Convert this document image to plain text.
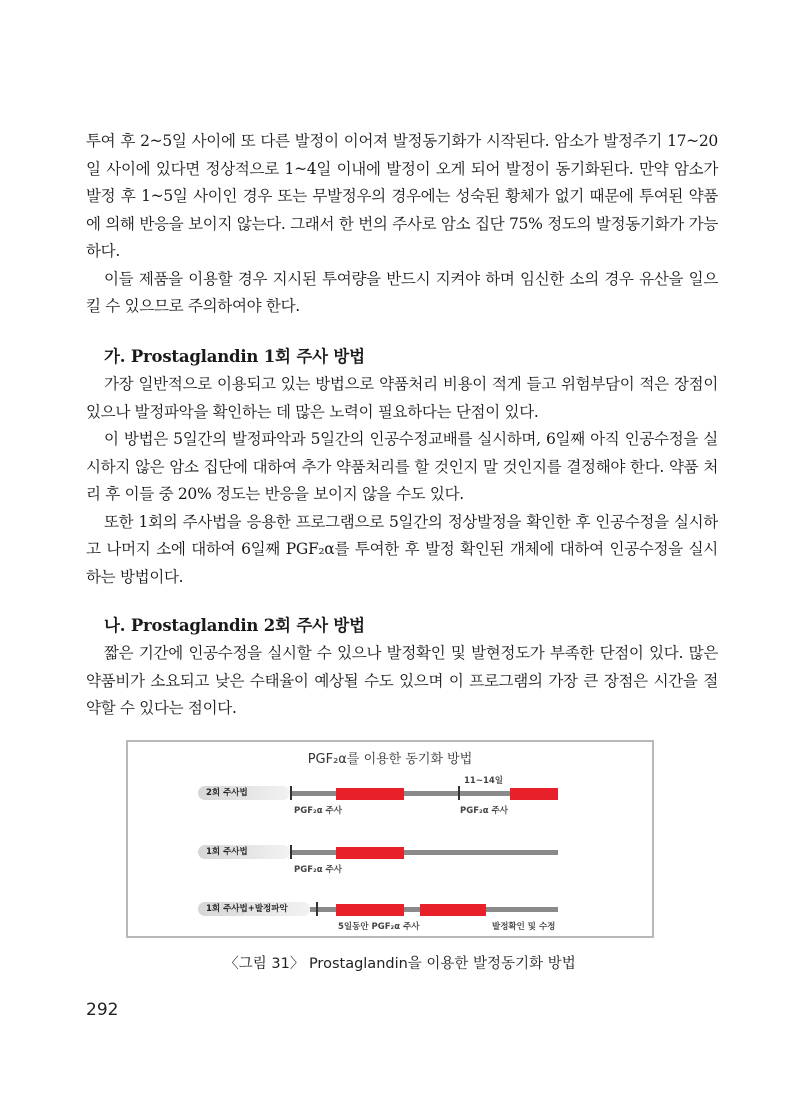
투여 후 2~5일 사이에 또 다른 발정이 이어져 발정동기화가 시작된다. 암소가 발정주기 17~20일 사이에 있다면 정상적으로 1~4일 이내에 발정이 오게 되어 발정이 동기화된다. 만약 암소가 발정 후 1~5일 사이인 경우 또는 무발정우의 경우에는 성숙된 황체가 없기 때문에 투여된 약품에 의해 반응을 보이지 않는다. 그래서 한 번의 주사로 암소 집단 75% 정도의 발정동기화가 가능하다.

이들 제품을 이용할 경우 지시된 투여량을 반드시 지켜야 하며 임신한 소의 경우 유산을 일으킬 수 있으므로 주의하여야 한다.

가. Prostaglandin 1회 주사 방법

가장 일반적으로 이용되고 있는 방법으로 약품처리 비용이 적게 들고 위험부담이 적은 장점이 있으나 발정파악을 확인하는 데 많은 노력이 필요하다는 단점이 있다.

이 방법은 5일간의 발정파악과 5일간의 인공수정교배를 실시하며, 6일째 아직 인공수정을 실시하지 않은 암소 집단에 대하여 추가 약품처리를 할 것인지 말 것인지를 결정해야 한다. 약품 처리 후 이들 중 20% 정도는 반응을 보이지 않을 수도 있다.

또한 1회의 주사법을 응용한 프로그램으로 5일간의 정상발정을 확인한 후 인공수정을 실시하고 나머지 소에 대하여 6일째 PGF₂α를 투여한 후 발정 확인된 개체에 대하여 인공수정을 실시하는 방법이다.

나. Prostaglandin 2회 주사 방법

짧은 기간에 인공수정을 실시할 수 있으나 발정확인 및 발현정도가 부족한 단점이 있다. 많은 약품비가 소요되고 낮은 수태율이 예상될 수도 있으며 이 프로그램의 가장 큰 장점은 시간을 절약할 수 있다는 점이다.

PGF₂α를 이용한 동기화 방법
11~14일
2회 주사법
PGF₂α 주사	PGF₂α 주사
1회 주사법
PGF₂α 주사
1회 주사법+발정파악
5일동안 PGF₂α 주사	발정확인 및 수정
〈그림 31〉 Prostaglandin을 이용한 발정동기화 방법
292
